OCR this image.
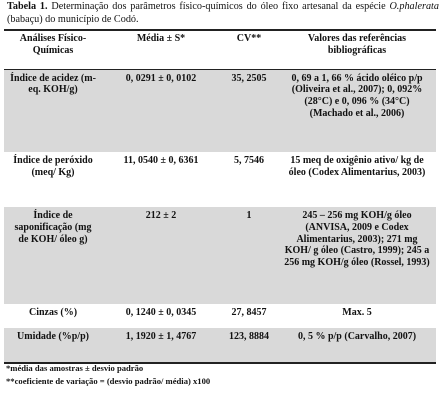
Tabela 1. Determinação dos parâmetros físico-químicos do óleo fixo artesanal da espécie O.phalerata (babaçu) do município de Codó.
Análises Físico-Químicas	Média ± S*	CV**	Valores das referências bibliográficas
Índice de acidez (m-eq. KOH/g)	0, 0291 ± 0, 0102	35, 2505	0, 69 a 1, 66 % ácido oléico p/p (Oliveira et al., 2007); 0, 092% (28°C) e 0, 096 % (34°C) (Machado et al., 2006)
Índice de peróxido (meq/ Kg)	11, 0540 ± 0, 6361	5, 7546	15 meq de oxigênio ativo/ kg de óleo (Codex Alimentarius, 2003)
Índice de saponificação (mg de KOH/ óleo g)	212 ± 2	1	245 – 256 mg KOH/g óleo (ANVISA, 2009 e Codex Alimentarius, 2003); 271 mg KOH/ g óleo (Castro, 1999); 245 a 256 mg KOH/g óleo (Rossel, 1993)
Cinzas (%)	0, 1240 ± 0, 0345	27, 8457	Max. 5
Umidade (%p/p)	1, 1920 ± 1, 4767	123, 8884	0, 5 % p/p (Carvalho, 2007)
*média das amostras ± desvio padrão
**coeficiente de variação = (desvio padrão/ média) x100
